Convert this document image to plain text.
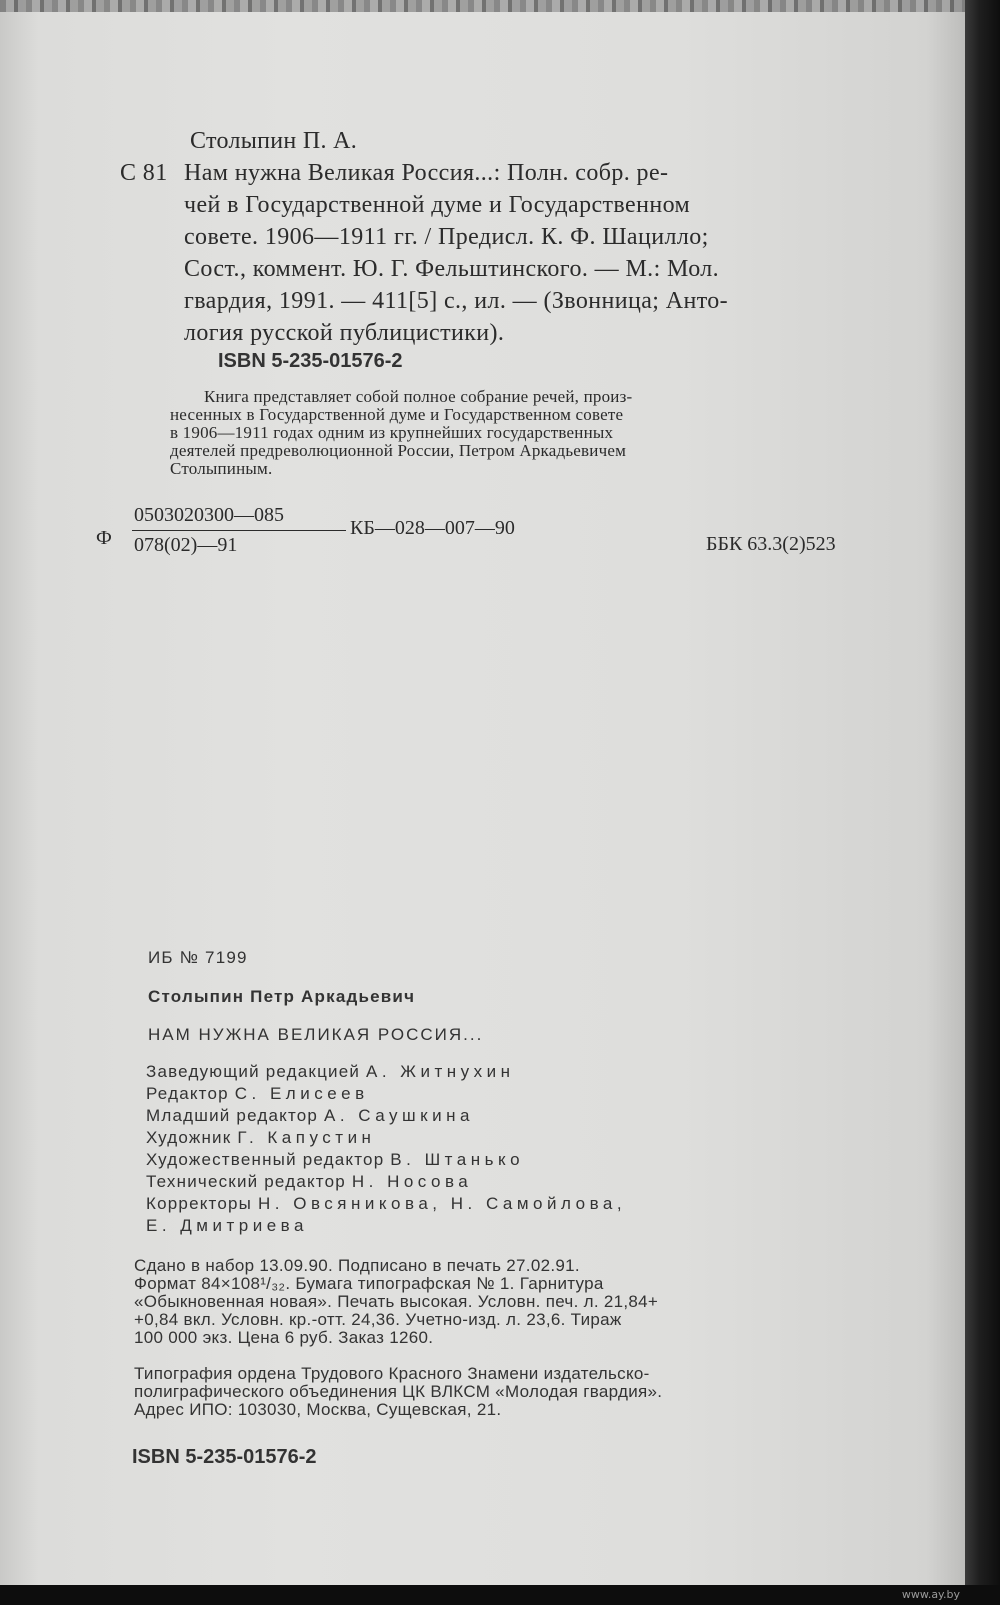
Столыпин П. А.
С 81 Нам нужна Великая Россия...: Полн. собр. ре-
чей в Государственной думе и Государственном
совете. 1906—1911 гг. / Предисл. К. Ф. Шацилло;
Сост., коммент. Ю. Г. Фельштинского. — М.: Мол.
гвардия, 1991. — 411[5] с., ил. — (Звонница; Анто-
логия русской публицистики).
ISBN 5-235-01576-2
Книга представляет собой полное собрание речей, произ-
несенных в Государственной думе и Государственном совете
в 1906—1911 годах одним из крупнейших государственных
деятелей предреволюционной России, Петром Аркадьевичем
Столыпиным.
Ф
0503020300—085
078(02)—91
КБ—028—007—90
ББК 63.3(2)523
ИБ № 7199
Столыпин Петр Аркадьевич
НАМ НУЖНА ВЕЛИКАЯ РОССИЯ...
Заведующий редакцией А. Житнухин
Редактор С. Елисеев
Младший редактор А. Саушкина
Художник Г. Капустин
Художественный редактор В. Штанько
Технический редактор Н. Носова
Корректоры Н. Овсяникова, Н. Самойлова,
Е. Дмитриева
Сдано в набор 13.09.90. Подписано в печать 27.02.91.
Формат 84×108¹/₃₂. Бумага типографская № 1. Гарнитура
«Обыкновенная новая». Печать высокая. Условн. печ. л. 21,84+
+0,84 вкл. Условн. кр.-отт. 24,36. Учетно-изд. л. 23,6. Тираж
100 000 экз. Цена 6 руб. Заказ 1260.
Типография ордена Трудового Красного Знамени издательско-
полиграфического объединения ЦК ВЛКСМ «Молодая гвардия».
Адрес ИПО: 103030, Москва, Сущевская, 21.
ISBN 5-235-01576-2
www.ay.by
